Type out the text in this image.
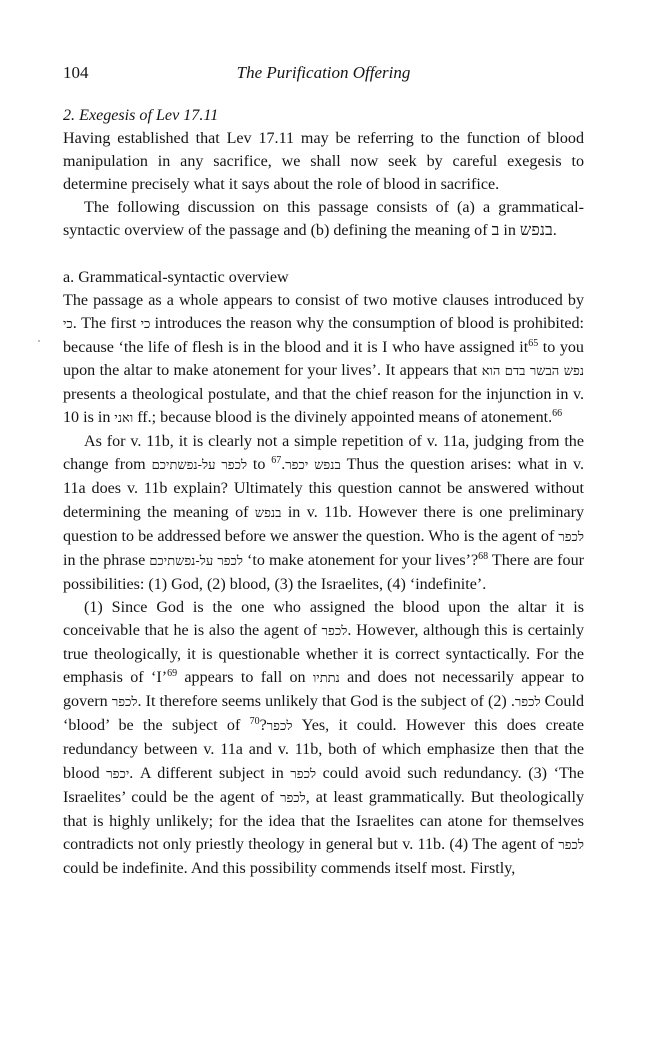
104	The Purification Offering

2. Exegesis of Lev 17.11

Having established that Lev 17.11 may be referring to the function of blood manipulation in any sacrifice, we shall now seek by careful exegesis to determine precisely what it says about the role of blood in sacrifice.

The following discussion on this passage consists of (a) a grammatical-syntactic overview of the passage and (b) defining the meaning of ב in בנפש.

a. Grammatical-syntactic overview

The passage as a whole appears to consist of two motive clauses introduced by כי. The first כי introduces the reason why the consumption of blood is prohibited: because ‘the life of flesh is in the blood and it is I who have assigned $it^{65}$ to you upon the altar to make atonement for your lives’. It appears that נפש הבשר בדם הוא presents a theological postulate, and that the chief reason for the injunction in v. 10 is in ואני ff.; because blood is the divinely appointed means of atonement.$^{66}$

As for v. 11b, it is clearly not a simple repetition of v. 11a, judging from the change from לכפר על-נפשתיכם to בנפש יכפר.$^{67}$	Thus the question arises: what in v. 11a does v. 11b explain? Ultimately this question cannot be answered without determining the meaning of בנפש in v. 11b. However there is one preliminary question to be addressed before we answer the question. Who is the agent of לכפר in the phrase לכפר על-נפשתיכם ‘to make atonement for your lives’?$^{68}$ There are four possibilities: (1) God, (2) blood, (3) the Israelites, (4) ‘indefinite’.

(1) Since God is the one who assigned the blood upon the altar it is conceivable that he is also the agent of לכפר. However, although this is certainly true theologically, it is questionable whether it is correct syntactically. For the emphasis of ‘I’$^{69}$ appears to fall on נתתיו and does not necessarily appear to govern לכפר. It therefore seems unlikely that God is the subject of לכפר. (2) Could ‘blood’ be the subject of לכפר?$^{70}$ Yes, it could. However this does create redundancy between v. 11a and v. 11b, both of which emphasize then that the blood יכפר. A different subject in לכפר could avoid such redundancy. (3) ‘The Israelites’ could be the agent of לכפר, at least grammatically. But theologically that is highly unlikely; for the idea that the Israelites can atone for themselves contradicts not only priestly theology in general but v. 11b. (4) The agent of לכפר could be indefinite. And this possibility commends itself most. Firstly,
